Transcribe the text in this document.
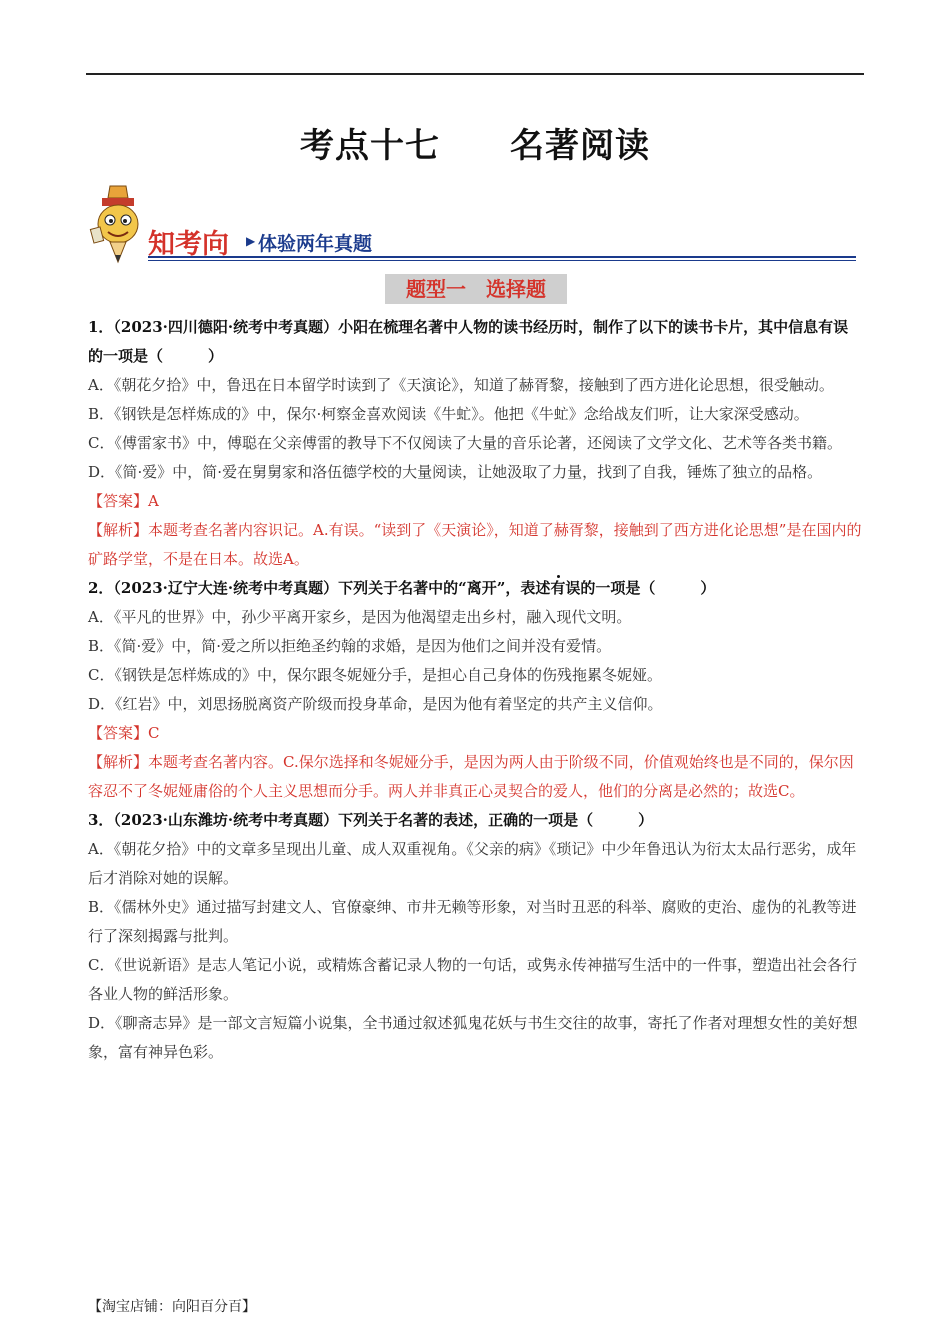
考点十七　　名著阅读
知考向 ▶ 体验两年真题
题型一　选择题

1．（2023·四川德阳·统考中考真题）小阳在梳理名著中人物的读书经历时，制作了以下的读书卡片，其中信息有误的一项是（　　　）

A．《朝花夕拾》中，鲁迅在日本留学时读到了《天演论》，知道了赫胥黎，接触到了西方进化论思想，很受触动。

B．《钢铁是怎样炼成的》中，保尔·柯察金喜欢阅读《牛虻》。他把《牛虻》念给战友们听，让大家深受感动。

C．《傅雷家书》中，傅聪在父亲傅雷的教导下不仅阅读了大量的音乐论著，还阅读了文学文化、艺术等各类书籍。

D．《简·爱》中，简·爱在舅舅家和洛伍德学校的大量阅读，让她汲取了力量，找到了自我，锤炼了独立的品格。

【答案】A

【解析】本题考查名著内容识记。A.有误。“读到了《天演论》，知道了赫胥黎，接触到了西方进化论思想”是在国内的矿路学堂，不是在日本。故选A。

2．（2023·辽宁大连·统考中考真题）下列关于名著中的“离开”，表述有误的一项是（　　　）

A．《平凡的世界》中，孙少平离开家乡，是因为他渴望走出乡村，融入现代文明。

B．《简·爱》中，简·爱之所以拒绝圣约翰的求婚，是因为他们之间并没有爱情。

C．《钢铁是怎样炼成的》中，保尔跟冬妮娅分手，是担心自己身体的伤残拖累冬妮娅。

D．《红岩》中，刘思扬脱离资产阶级而投身革命，是因为他有着坚定的共产主义信仰。

【答案】C

【解析】本题考查名著内容。C.保尔选择和冬妮娅分手，是因为两人由于阶级不同，价值观始终也是不同的，保尔因容忍不了冬妮娅庸俗的个人主义思想而分手。两人并非真正心灵契合的爱人，他们的分离是必然的；故选C。

3．（2023·山东潍坊·统考中考真题）下列关于名著的表述，正确的一项是（　　　）

A．《朝花夕拾》中的文章多呈现出儿童、成人双重视角。《父亲的病》《琐记》中少年鲁迅认为衍太太品行恶劣，成年后才消除对她的误解。

B．《儒林外史》通过描写封建文人、官僚豪绅、市井无赖等形象，对当时丑恶的科举、腐败的吏治、虚伪的礼教等进行了深刻揭露与批判。

C．《世说新语》是志人笔记小说，或精炼含蓄记录人物的一句话，或隽永传神描写生活中的一件事，塑造出社会各行各业人物的鲜活形象。

D．《聊斋志异》是一部文言短篇小说集，全书通过叙述狐鬼花妖与书生交往的故事，寄托了作者对理想女性的美好想象，富有神异色彩。

【淘宝店铺：向阳百分百】
